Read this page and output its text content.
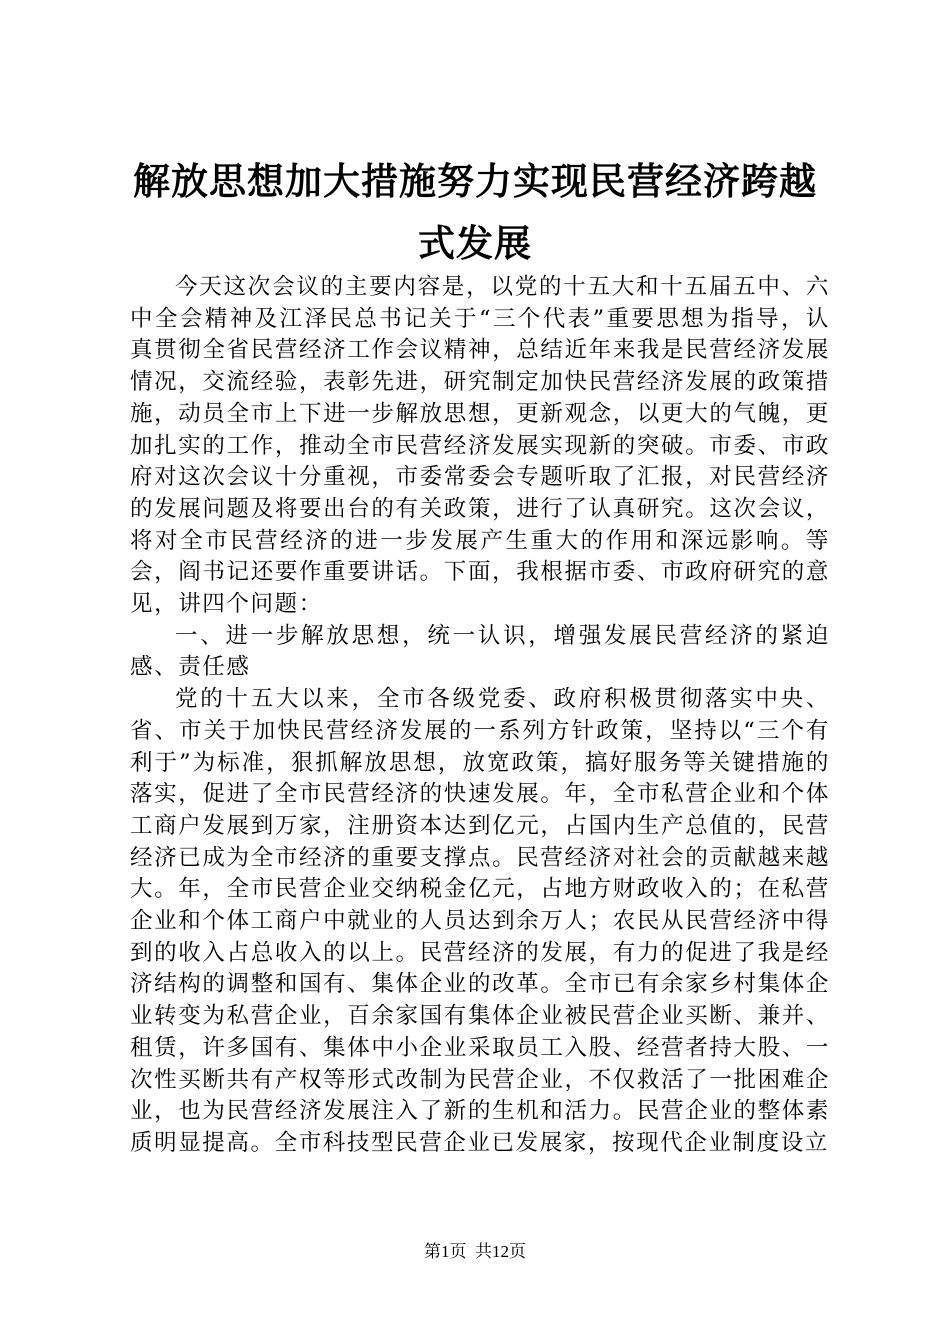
解放思想加大措施努力实现民营经济跨越式发展

今天这次会议的主要内容是，以党的十五大和十五届五中、六中全会精神及江泽民总书记关于“三个代表”重要思想为指导，认真贯彻全省民营经济工作会议精神，总结近年来我是民营经济发展情况，交流经验，表彰先进，研究制定加快民营经济发展的政策措施，动员全市上下进一步解放思想，更新观念，以更大的气魄，更加扎实的工作，推动全市民营经济发展实现新的突破。市委、市政府对这次会议十分重视，市委常委会专题听取了汇报，对民营经济的发展问题及将要出台的有关政策，进行了认真研究。这次会议，将对全市民营经济的进一步发展产生重大的作用和深远影响。等会，阎书记还要作重要讲话。下面，我根据市委、市政府研究的意见，讲四个问题：

一、进一步解放思想，统一认识，增强发展民营经济的紧迫感、责任感

党的十五大以来，全市各级党委、政府积极贯彻落实中央、省、市关于加快民营经济发展的一系列方针政策，坚持以“三个有利于”为标准，狠抓解放思想，放宽政策，搞好服务等关键措施的落实，促进了全市民营经济的快速发展。年，全市私营企业和个体工商户发展到万家，注册资本达到亿元，占国内生产总值的，民营经济已成为全市经济的重要支撑点。民营经济对社会的贡献越来越大。年，全市民营企业交纳税金亿元，占地方财政收入的；在私营企业和个体工商户中就业的人员达到余万人；农民从民营经济中得到的收入占总收入的以上。民营经济的发展，有力的促进了我是经济结构的调整和国有、集体企业的改革。全市已有余家乡村集体企业转变为私营企业，百余家国有集体企业被民营企业买断、兼并、租赁，许多国有、集体中小企业采取员工入股、经营者持大股、一次性买断共有产权等形式改制为民营企业，不仅救活了一批困难企业，也为民营经济发展注入了新的生机和活力。民营企业的整体素质明显提高。全市科技型民营企业已发展家，按现代企业制度设立

第1页 共12页
